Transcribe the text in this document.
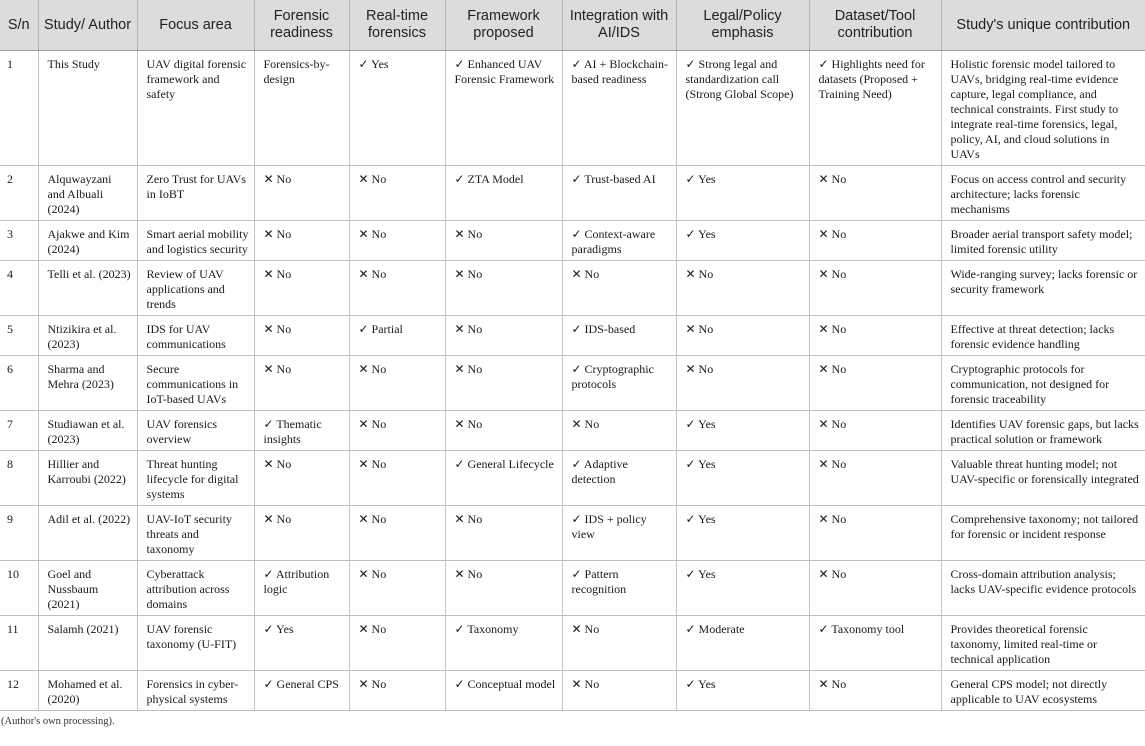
S/n	Study/ Author	Focus area	Forensic readiness	Real-time forensics	Framework proposed	Integration with AI/IDS	Legal/Policy emphasis	Dataset/Tool contribution	Study's unique contribution
1	This Study	UAV digital forensic framework and safety	Forensics-by-design	✓ Yes	✓ Enhanced UAV Forensic Framework	✓ AI + Blockchain-based readiness	✓ Strong legal and standardization call (Strong Global Scope)	✓ Highlights need for datasets (Proposed + Training Need)	Holistic forensic model tailored to UAVs, bridging real-time evidence capture, legal compliance, and technical constraints. First study to integrate real-time forensics, legal, policy, AI, and cloud solutions in UAVs
2	Alquwayzani and Albuali (2024)	Zero Trust for UAVs in IoBT	✕ No	✕ No	✓ ZTA Model	✓ Trust-based AI	✓ Yes	✕ No	Focus on access control and security architecture; lacks forensic mechanisms
3	Ajakwe and Kim (2024)	Smart aerial mobility and logistics security	✕ No	✕ No	✕ No	✓ Context-aware paradigms	✓ Yes	✕ No	Broader aerial transport safety model; limited forensic utility
4	Telli et al. (2023)	Review of UAV applications and trends	✕ No	✕ No	✕ No	✕ No	✕ No	✕ No	Wide-ranging survey; lacks forensic or security framework
5	Ntizikira et al. (2023)	IDS for UAV communications	✕ No	✓ Partial	✕ No	✓ IDS-based	✕ No	✕ No	Effective at threat detection; lacks forensic evidence handling
6	Sharma and Mehra (2023)	Secure communications in IoT-based UAVs	✕ No	✕ No	✕ No	✓ Cryptographic protocols	✕ No	✕ No	Cryptographic protocols for communication, not designed for forensic traceability
7	Studiawan et al. (2023)	UAV forensics overview	✓ Thematic insights	✕ No	✕ No	✕ No	✓ Yes	✕ No	Identifies UAV forensic gaps, but lacks practical solution or framework
8	Hillier and Karroubi (2022)	Threat hunting lifecycle for digital systems	✕ No	✕ No	✓ General Lifecycle	✓ Adaptive detection	✓ Yes	✕ No	Valuable threat hunting model; not UAV-specific or forensically integrated
9	Adil et al. (2022)	UAV-IoT security threats and taxonomy	✕ No	✕ No	✕ No	✓ IDS + policy view	✓ Yes	✕ No	Comprehensive taxonomy; not tailored for forensic or incident response
10	Goel and Nussbaum (2021)	Cyberattack attribution across domains	✓ Attribution logic	✕ No	✕ No	✓ Pattern recognition	✓ Yes	✕ No	Cross-domain attribution analysis; lacks UAV-specific evidence protocols
11	Salamh (2021)	UAV forensic taxonomy (U-FIT)	✓ Yes	✕ No	✓ Taxonomy	✕ No	✓ Moderate	✓ Taxonomy tool	Provides theoretical forensic taxonomy, limited real-time or technical application
12	Mohamed et al. (2020)	Forensics in cyber-physical systems	✓ General CPS	✕ No	✓ Conceptual model	✕ No	✓ Yes	✕ No	General CPS model; not directly applicable to UAV ecosystems
(Author's own processing).
